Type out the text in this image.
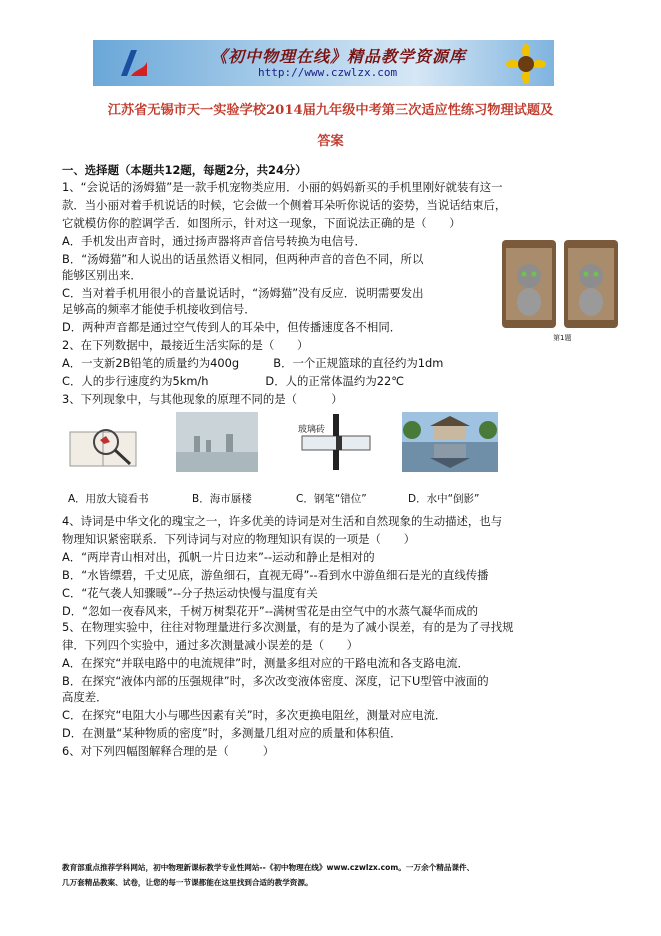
《初中物理在线》精品教学资源库
http://www.czwlzx.com
江苏省无锡市天一实验学校2014届九年级中考第三次适应性练习物理试题及
答案
一、选择题（本题共12题，每题2分，共24分）
1、“会说话的汤姆猫”是一款手机宠物类应用．小丽的妈妈新买的手机里刚好就装有这一
款．当小丽对着手机说话的时候，它会做一个侧着耳朵听你说话的姿势，当说话结束后，
它就模仿你的腔调学舌．如图所示，针对这一现象，下面说法正确的是（　　）
A．手机发出声音时，通过扬声器将声音信号转换为电信号．
B．“汤姆猫”和人说出的话虽然语义相同，但两种声音的音色不同，所以
能够区别出来．
C．当对着手机用很小的音量说话时，“汤姆猫”没有反应．说明需要发出
足够高的频率才能使手机接收到信号．
D．两种声音都是通过空气传到人的耳朵中，但传播速度各不相同．
2、在下列数据中，最接近生活实际的是（　　）
A．一支新2B铅笔的质量约为400g　　　B．一个正规篮球的直径约为1dm
C．人的步行速度约为5km/h　　　　　D．人的正常体温约为22℃
3、下列现象中，与其他现象的原理不同的是（　　　）
第1题
玻璃砖
A．用放大镜看书	B．海市蜃楼	C．钢笔“错位”	D．水中“倒影”
4、诗词是中华文化的瑰宝之一，许多优美的诗词是对生活和自然现象的生动描述，也与
物理知识紧密联系．下列诗词与对应的物理知识有误的一项是（　　）
A．“两岸青山相对出，孤帆一片日边来”--运动和静止是相对的
B．“水皆缥碧，千丈见底，游鱼细石，直视无碍”--看到水中游鱼细石是光的直线传播
C．“花气袭人知骤暖”--分子热运动快慢与温度有关
D．“忽如一夜春风来，千树万树梨花开”--满树雪花是由空气中的水蒸气凝华而成的
5、在物理实验中，往往对物理量进行多次测量，有的是为了减小误差，有的是为了寻找规
律．下列四个实验中，通过多次测量减小误差的是（　　）
A．在探究“并联电路中的电流规律”时，测量多组对应的干路电流和各支路电流．
B．在探究“液体内部的压强规律”时，多次改变液体密度、深度，记下U型管中液面的
高度差．
C．在探究“电阻大小与哪些因素有关”时，多次更换电阻丝，测量对应电流．
D．在测量“某种物质的密度”时，多测量几组对应的质量和体积值．
6、对下列四幅图解释合理的是（　　　）
教育部重点推荐学科网站，初中物理新课标教学专业性网站--《初中物理在线》www.czwlzx.com。一万余个精品课件、
几万套精品教案、试卷，让您的每一节课都能在这里找到合适的教学资源。
